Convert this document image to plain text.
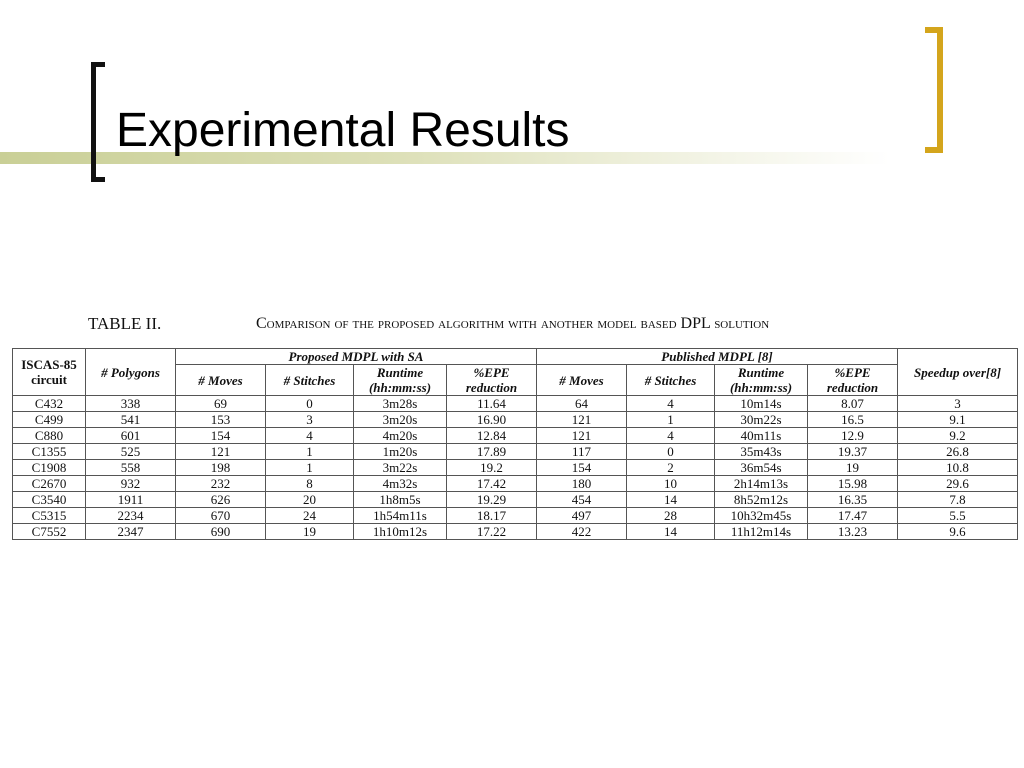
Experimental Results
TABLE II.	Comparison of the proposed algorithm with another model based DPL solution
ISCAS-85 circuit	# Polygons	Proposed MDPL with SA				Published MDPL [8]				Speedup over[8]
		# Moves	# Stitches	Runtime (hh:mm:ss)	%EPE reduction	# Moves	# Stitches	Runtime (hh:mm:ss)	%EPE reduction	
C432	338	69	0	3m28s	11.64	64	4	10m14s	8.07	3
C499	541	153	3	3m20s	16.90	121	1	30m22s	16.5	9.1
C880	601	154	4	4m20s	12.84	121	4	40m11s	12.9	9.2
C1355	525	121	1	1m20s	17.89	117	0	35m43s	19.37	26.8
C1908	558	198	1	3m22s	19.2	154	2	36m54s	19	10.8
C2670	932	232	8	4m32s	17.42	180	10	2h14m13s	15.98	29.6
C3540	1911	626	20	1h8m5s	19.29	454	14	8h52m12s	16.35	7.8
C5315	2234	670	24	1h54m11s	18.17	497	28	10h32m45s	17.47	5.5
C7552	2347	690	19	1h10m12s	17.22	422	14	11h12m14s	13.23	9.6
